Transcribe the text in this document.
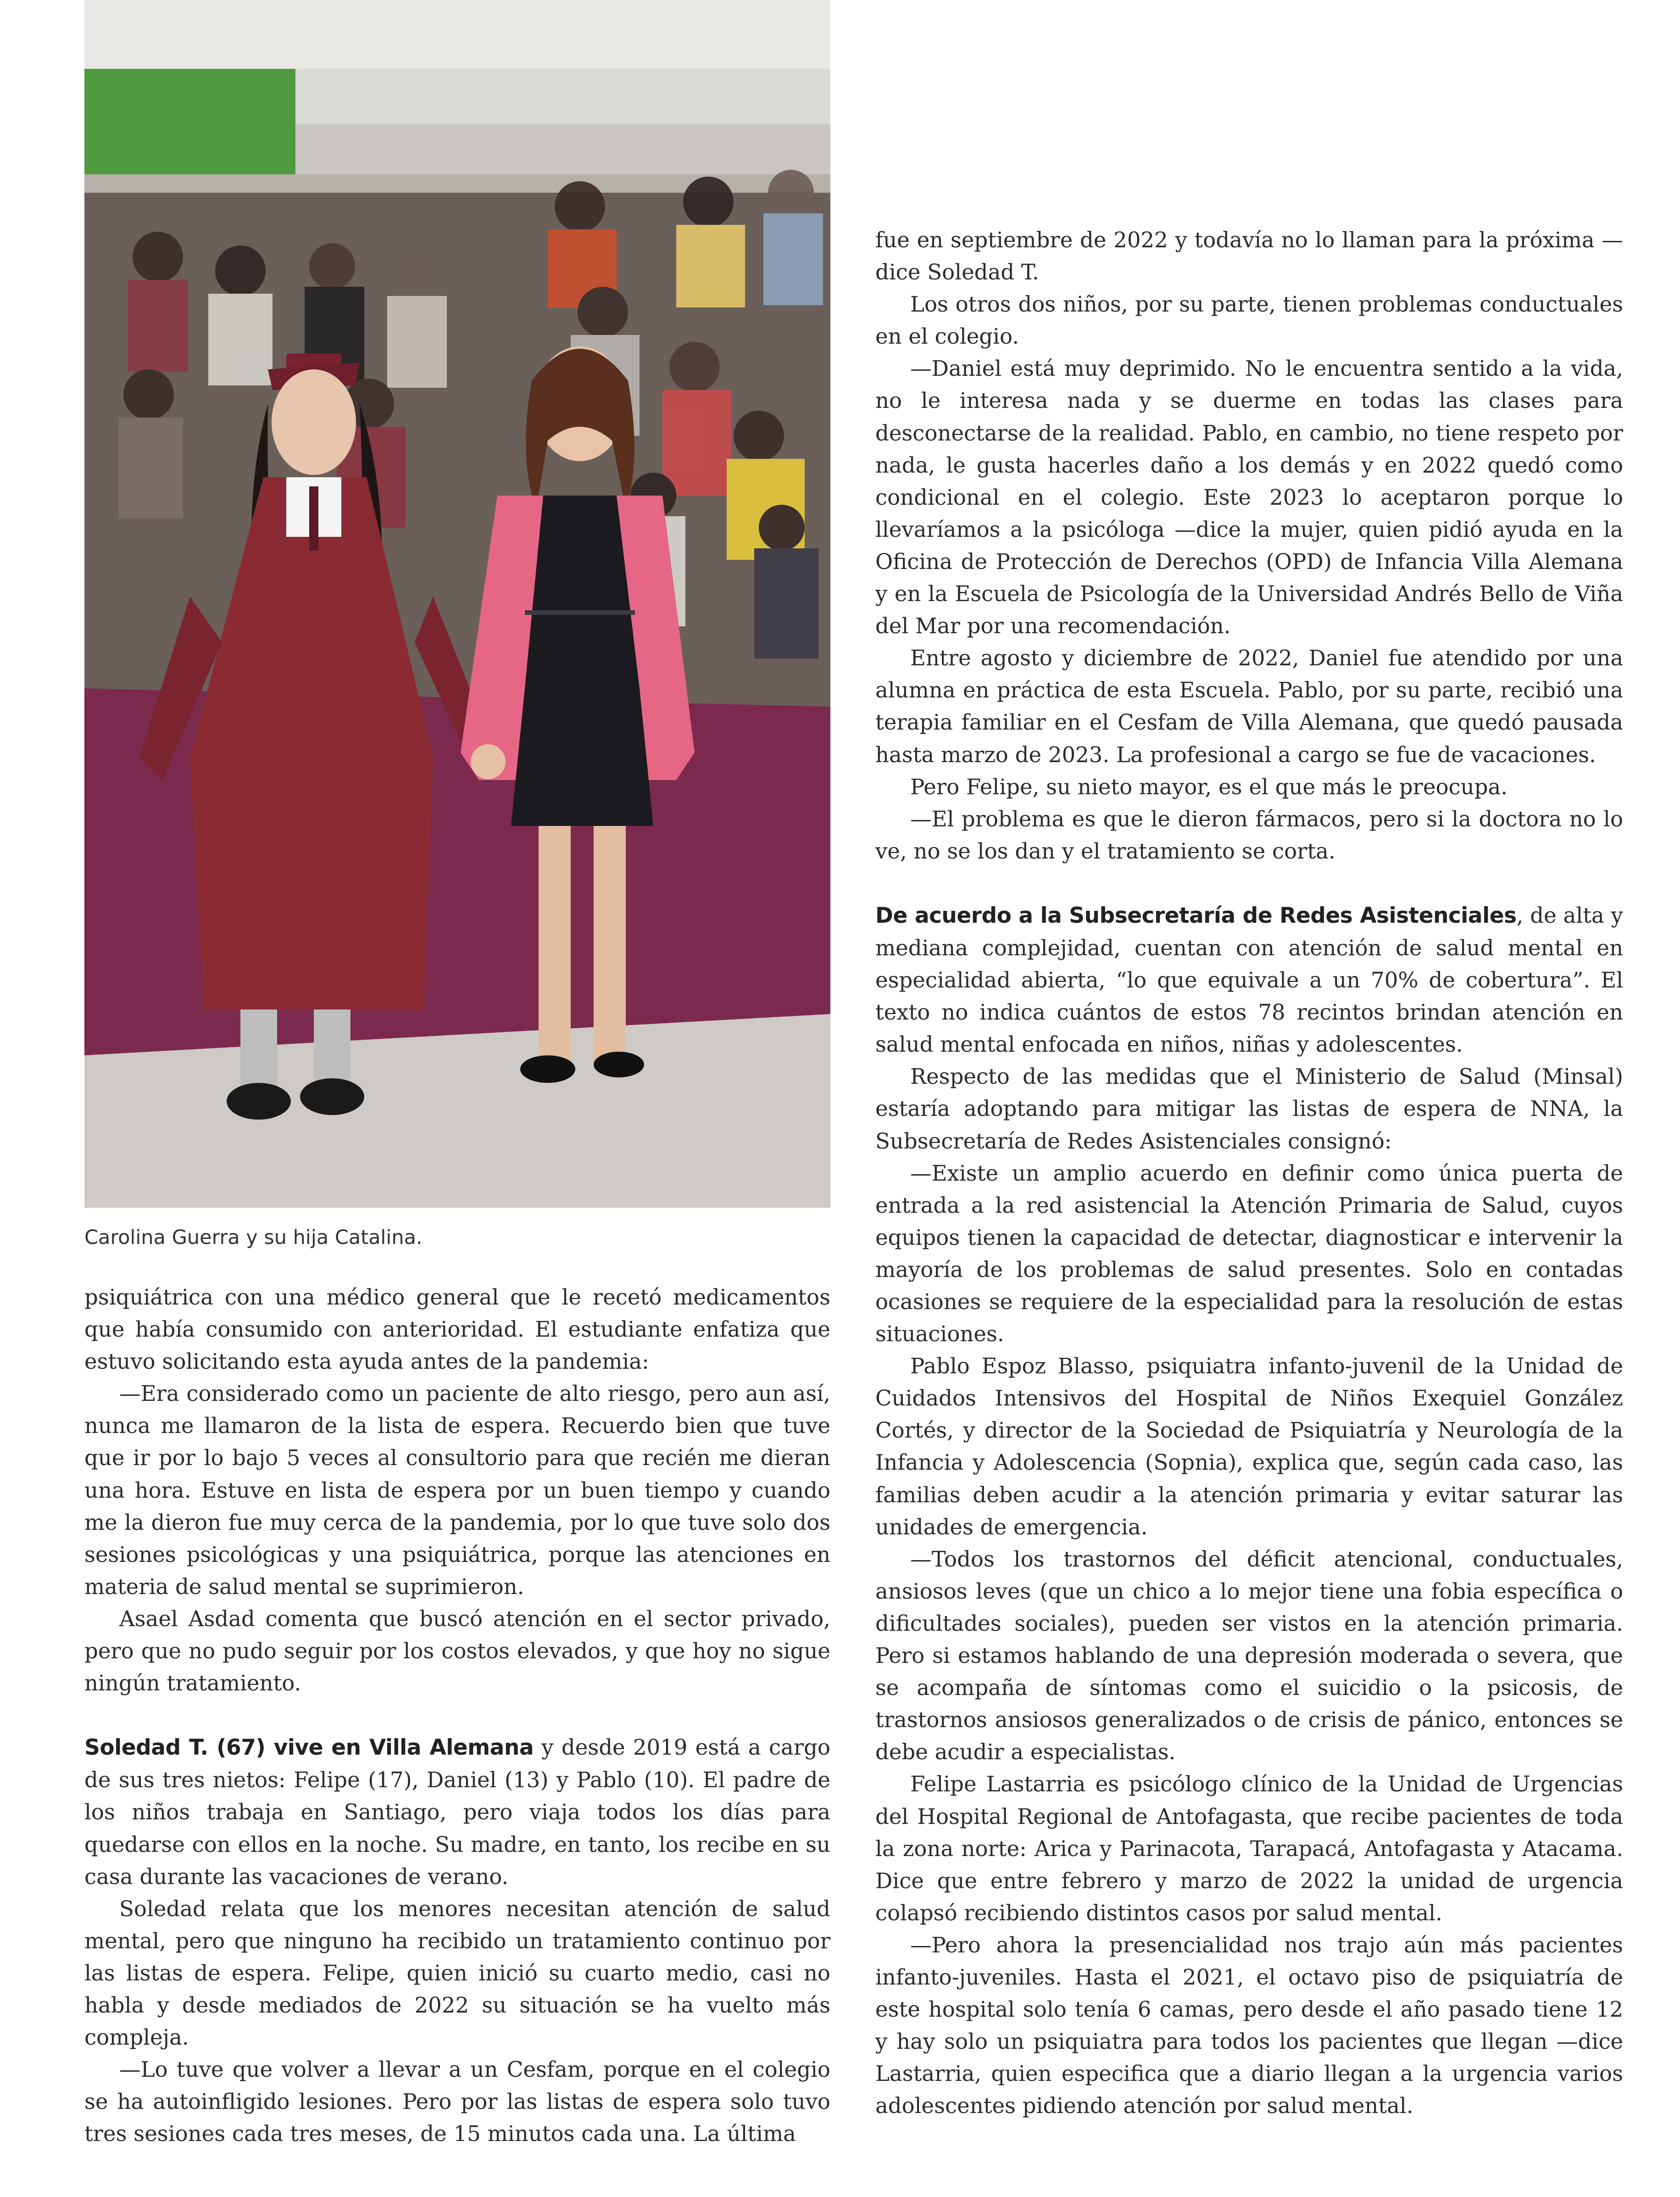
Carolina Guerra y su hija Catalina.

psiquiátrica con una médico general que le recetó medicamentos que había consumido con anterioridad. El estudiante enfatiza que estuvo solicitando esta ayuda antes de la pandemia:

—Era considerado como un paciente de alto riesgo, pero aun así, nunca me llamaron de la lista de espera. Recuerdo bien que tuve que ir por lo bajo 5 veces al consultorio para que recién me dieran una hora. Estuve en lista de espera por un buen tiempo y cuando me la dieron fue muy cerca de la pandemia, por lo que tuve solo dos sesiones psicológicas y una psiquiátrica, porque las atenciones en materia de salud mental se suprimieron.

Asael Asdad comenta que buscó atención en el sector privado, pero que no pudo seguir por los costos elevados, y que hoy no sigue ningún tratamiento.

Soledad T. (67) vive en Villa Alemana y desde 2019 está a cargo de sus tres nietos: Felipe (17), Daniel (13) y Pablo (10). El padre de los niños trabaja en Santiago, pero viaja todos los días para quedarse con ellos en la noche. Su madre, en tanto, los recibe en su casa durante las vacaciones de verano.

Soledad relata que los menores necesitan atención de salud mental, pero que ninguno ha recibido un tratamiento continuo por las listas de espera. Felipe, quien inició su cuarto medio, casi no habla y desde mediados de 2022 su situación se ha vuelto más compleja.

—Lo tuve que volver a llevar a un Cesfam, porque en el colegio se ha autoinfligido lesiones. Pero por las listas de espera solo tuvo tres sesiones cada tres meses, de 15 minutos cada una. La última

fue en septiembre de 2022 y todavía no lo llaman para la próxima —dice Soledad T.

Los otros dos niños, por su parte, tienen problemas conductuales en el colegio.

—Daniel está muy deprimido. No le encuentra sentido a la vida, no le interesa nada y se duerme en todas las clases para desconectarse de la realidad. Pablo, en cambio, no tiene respeto por nada, le gusta hacerles daño a los demás y en 2022 quedó como condicional en el colegio. Este 2023 lo aceptaron porque lo llevaríamos a la psicóloga —dice la mujer, quien pidió ayuda en la Oficina de Protección de Derechos (OPD) de Infancia Villa Alemana y en la Escuela de Psicología de la Universidad Andrés Bello de Viña del Mar por una recomendación.

Entre agosto y diciembre de 2022, Daniel fue atendido por una alumna en práctica de esta Escuela. Pablo, por su parte, recibió una terapia familiar en el Cesfam de Villa Alemana, que quedó pausada hasta marzo de 2023. La profesional a cargo se fue de vacaciones.

Pero Felipe, su nieto mayor, es el que más le preocupa.

—El problema es que le dieron fármacos, pero si la doctora no lo ve, no se los dan y el tratamiento se corta.

De acuerdo a la Subsecretaría de Redes Asistenciales, de alta y mediana complejidad, cuentan con atención de salud mental en especialidad abierta, “lo que equivale a un 70% de cobertura”. El texto no indica cuántos de estos 78 recintos brindan atención en salud mental enfocada en niños, niñas y adolescentes.

Respecto de las medidas que el Ministerio de Salud (Minsal) estaría adoptando para mitigar las listas de espera de NNA, la Subsecretaría de Redes Asistenciales consignó:

—Existe un amplio acuerdo en definir como única puerta de entrada a la red asistencial la Atención Primaria de Salud, cuyos equipos tienen la capacidad de detectar, diagnosticar e intervenir la mayoría de los problemas de salud presentes. Solo en contadas ocasiones se requiere de la especialidad para la resolución de estas situaciones.

Pablo Espoz Blasso, psiquiatra infanto-juvenil de la Unidad de Cuidados Intensivos del Hospital de Niños Exequiel González Cortés, y director de la Sociedad de Psiquiatría y Neurología de la Infancia y Adolescencia (Sopnia), explica que, según cada caso, las familias deben acudir a la atención primaria y evitar saturar las unidades de emergencia.

—Todos los trastornos del déficit atencional, conductuales, ansiosos leves (que un chico a lo mejor tiene una fobia específica o dificultades sociales), pueden ser vistos en la atención primaria. Pero si estamos hablando de una depresión moderada o severa, que se acompaña de síntomas como el suicidio o la psicosis, de trastornos ansiosos generalizados o de crisis de pánico, entonces se debe acudir a especialistas.

Felipe Lastarria es psicólogo clínico de la Unidad de Urgencias del Hospital Regional de Antofagasta, que recibe pacientes de toda la zona norte: Arica y Parinacota, Tarapacá, Antofagasta y Atacama. Dice que entre febrero y marzo de 2022 la unidad de urgencia colapsó recibiendo distintos casos por salud mental.

—Pero ahora la presencialidad nos trajo aún más pacientes infanto-juveniles. Hasta el 2021, el octavo piso de psiquiatría de este hospital solo tenía 6 camas, pero desde el año pasado tiene 12 y hay solo un psiquiatra para todos los pacientes que llegan —dice Lastarria, quien especifica que a diario llegan a la urgencia varios adolescentes pidiendo atención por salud mental.
